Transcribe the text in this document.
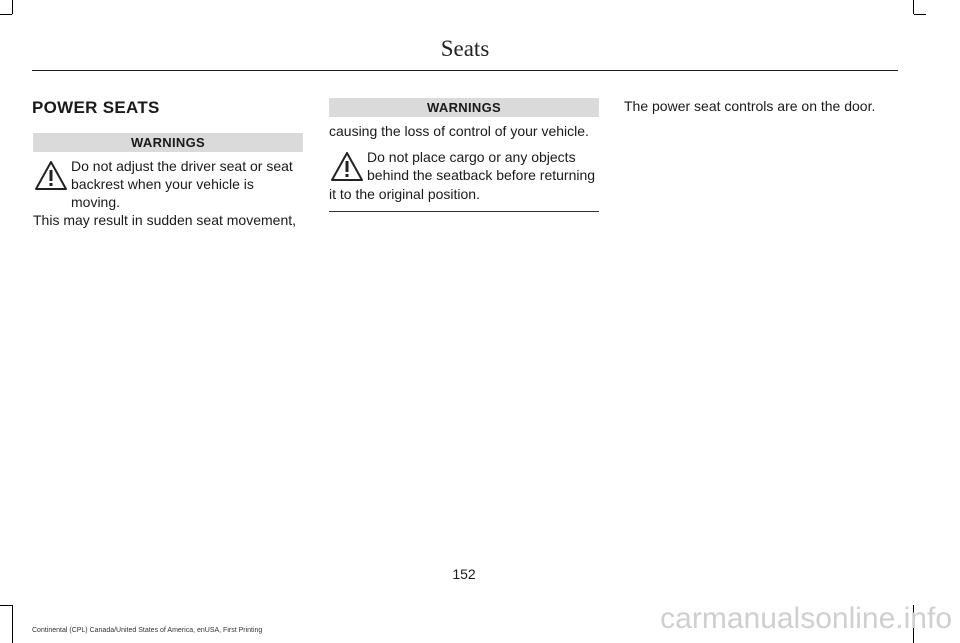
Seats
POWER SEATS
WARNINGS
Do not adjust the driver seat or seat
backrest when your vehicle is moving.
This may result in sudden seat movement,
WARNINGS
causing the loss of control of your vehicle.
Do not place cargo or any objects
behind the seatback before returning
it to the original position.
The power seat controls are on the door.
152
Continental (CPL) Canada/United States of America, enUSA, First Printing	carmanualsonline.info
